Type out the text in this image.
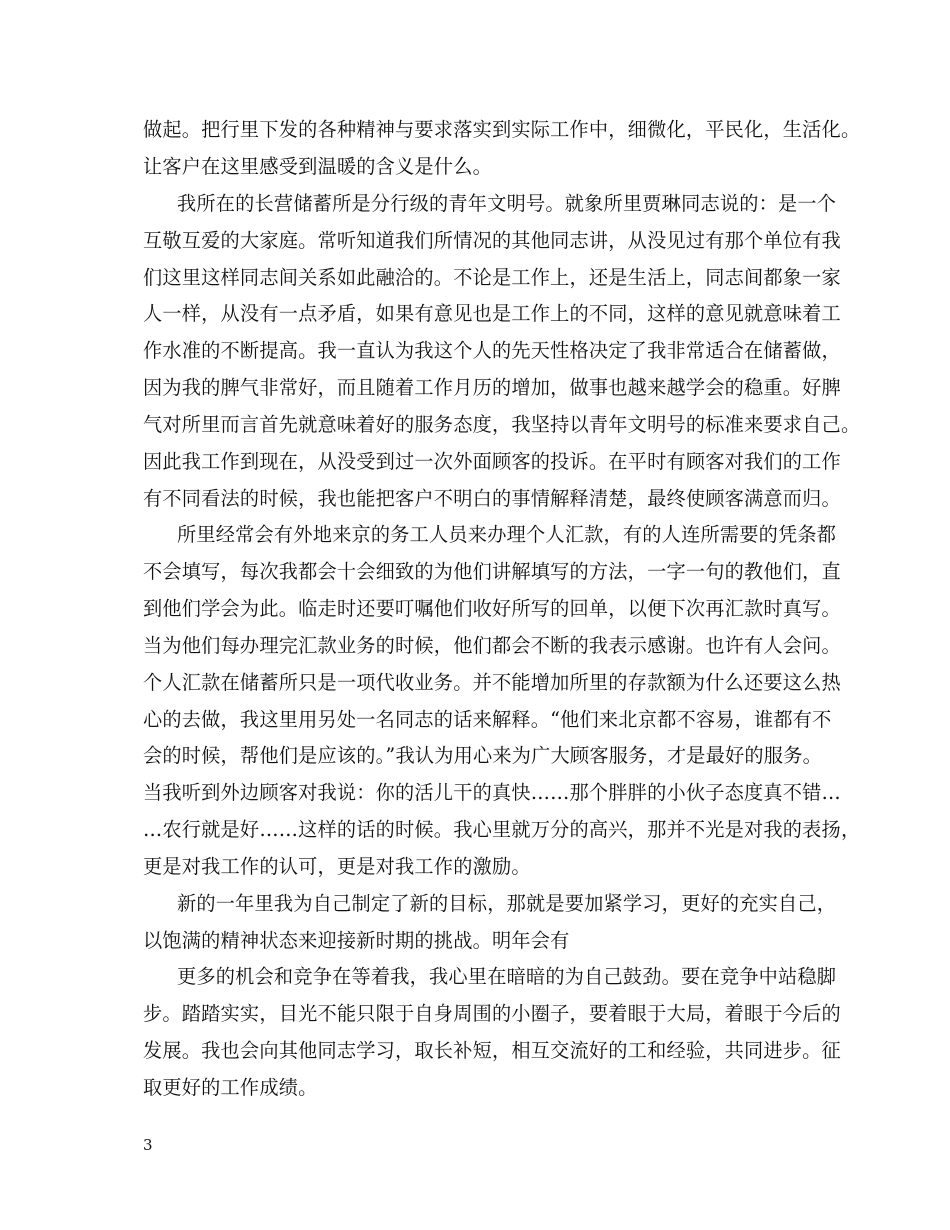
做起。把行里下发的各种精神与要求落实到实际工作中，细微化，平民化，生活化。
让客户在这里感受到温暖的含义是什么。
我所在的长营储蓄所是分行级的青年文明号。就象所里贾琳同志说的：是一个
互敬互爱的大家庭。常听知道我们所情况的其他同志讲，从没见过有那个单位有我
们这里这样同志间关系如此融洽的。不论是工作上，还是生活上，同志间都象一家
人一样，从没有一点矛盾，如果有意见也是工作上的不同，这样的意见就意味着工
作水准的不断提高。我一直认为我这个人的先天性格决定了我非常适合在储蓄做，
因为我的脾气非常好，而且随着工作月历的增加，做事也越来越学会的稳重。好脾
气对所里而言首先就意味着好的服务态度，我坚持以青年文明号的标准来要求自己。
因此我工作到现在，从没受到过一次外面顾客的投诉。在平时有顾客对我们的工作
有不同看法的时候，我也能把客户不明白的事情解释清楚，最终使顾客满意而归。
所里经常会有外地来京的务工人员来办理个人汇款，有的人连所需要的凭条都
不会填写，每次我都会十会细致的为他们讲解填写的方法，一字一句的教他们，直
到他们学会为此。临走时还要叮嘱他们收好所写的回单，以便下次再汇款时真写。
当为他们每办理完汇款业务的时候，他们都会不断的我表示感谢。也许有人会问。
个人汇款在储蓄所只是一项代收业务。并不能增加所里的存款额为什么还要这么热
心的去做，我这里用另处一名同志的话来解释。“他们来北京都不容易，谁都有不
会的时候，帮他们是应该的。”我认为用心来为广大顾客服务，才是最好的服务。
当我听到外边顾客对我说：你的活儿干的真快……那个胖胖的小伙子态度真不错…
…农行就是好……这样的话的时候。我心里就万分的高兴，那并不光是对我的表扬，
更是对我工作的认可，更是对我工作的激励。
新的一年里我为自己制定了新的目标，那就是要加紧学习，更好的充实自己，
以饱满的精神状态来迎接新时期的挑战。明年会有
更多的机会和竞争在等着我，我心里在暗暗的为自己鼓劲。要在竞争中站稳脚
步。踏踏实实，目光不能只限于自身周围的小圈子，要着眼于大局，着眼于今后的
发展。我也会向其他同志学习，取长补短，相互交流好的工和经验，共同进步。征
取更好的工作成绩。
3
